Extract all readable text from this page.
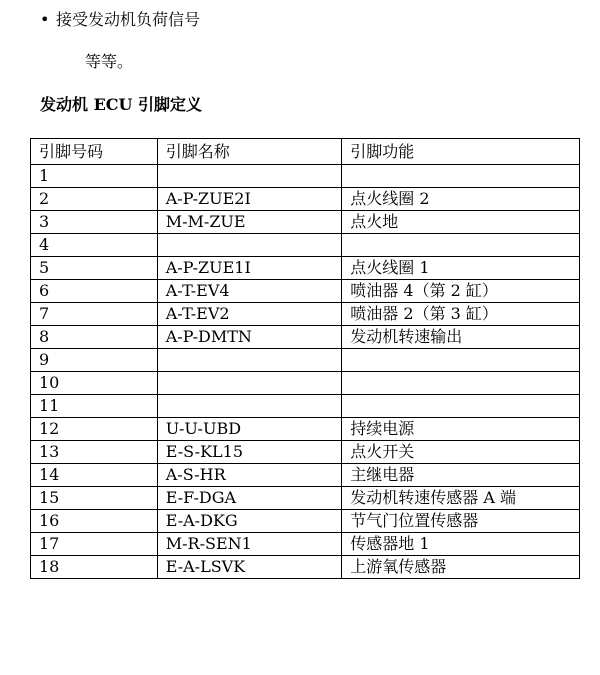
• 接受发动机负荷信号
等等。
发动机 ECU 引脚定义
引脚号码	引脚名称	引脚功能
1		
2	A-P-ZUE2I	点火线圈 2
3	M-M-ZUE	点火地
4		
5	A-P-ZUE1I	点火线圈 1
6	A-T-EV4	喷油器 4（第 2 缸）
7	A-T-EV2	喷油器 2（第 3 缸）
8	A-P-DMTN	发动机转速输出
9		
10		
11		
12	U-U-UBD	持续电源
13	E-S-KL15	点火开关
14	A-S-HR	主继电器
15	E-F-DGA	发动机转速传感器 A 端
16	E-A-DKG	节气门位置传感器
17	M-R-SEN1	传感器地 1
18	E-A-LSVK	上游氧传感器
